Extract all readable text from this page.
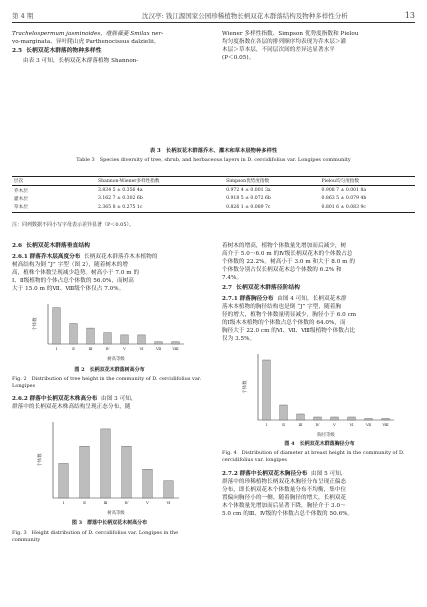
第 4 期	沈汉亭: 钱江源国家公园珍稀植物长柄双花木群落结构及物种多样性分析	13
Trachelospermum jasminoides、继脉薇菱 Smilax ner-
vo-marginata、异叶爬山虎 Parthenocissus dalzielii。
2.5 长柄双花木群落的物种多样性
由表 3 可知，长柄双花木群落植物 Shannon-
Wiener 多样性指数、Simpson 优势度指数和 Pielou
均匀度指数在各层的排列顺序均表现为乔木层＞灌
木层＞草本层，不同层次间的差异达显著水平
(P＜0.05)。
表 3　长柄双花木群落乔木、灌木和草本层物种多样性
Table 3　Species diversity of tree, shrub, and herbaceous layers in D. cercidifolius var. Longipes community
层次	Shannon-Wiener多样性指数	Simpson优势度指数	Pielou均匀度指数
乔木层	3.834 5 ± 0.356 4a	0.972 4 ± 0.001 3a	0.908 7 ± 0.001 8a
灌木层	3.162 7 ± 0.302 6b	0.918 5 ± 0.072 6b	0.863 5 ± 0.079 4b
草本层	2.365 8 ± 0.275 1c	0.826 1 ± 0.089 7c	0.801 6 ± 0.083 9c
注：同列数据不同小写字母表示差异显著（P＜0.05）。
2.6 长柄双花木群落垂直结构
2.6.1 群落乔木层高度分布 长柄双花木群落乔木本植物的
树高结构为倒 “J” 字型（图 2），随着树木的增
高，植株个体数呈现减少趋势。树高小于 7.0 m 的
Ⅰ、Ⅱ级植物的个体占总个体数的 56.0%，而树高
大于 15.0 m 的Ⅶ、Ⅷ级个体仅占 7.0%。
Ⅰ	Ⅱ	Ⅲ	Ⅳ	Ⅴ	Ⅵ	Ⅶ	Ⅷ
树高等级
个体数
图 2　长柄双花木群落树高分布
Fig. 2　Distribution of tree height in the community of D. cercidifolius var. Longipes
2.6.2 群落中长柄双花木株高分布 由图 3 可知，
群落中的长柄双花木株高结构呈现正态分布，随
Ⅰ	Ⅱ	Ⅲ	Ⅳ	Ⅴ	Ⅵ
树高等级
个体数
图 3　群落中长柄双花木树高分布
Fig. 3　Height distribution of D. cercidifolius var. Longipes in the community
着树木的增高，植物个体数量先增加而后减少，树
高介于 5.0～6.0 m 的Ⅳ级长柄双花木的个体数占总
个体数的 22.2%。树高小于 3.0 m 和大于 8.0 m 的
个体数分别占仅长柄双花木总个体数的 6.2% 和
7.4%。
2.7 长柄双花木群落径阶结构
2.7.1 群落胸径分布 由图 4 可知，长柄双花木群
落木本植物的胸径结构也是倒 “J” 字型，随着胸
径的增大，植物个体数量明显减少，胸径小于 6.0 cm
的Ⅰ级木本植物的个体数占总个体数的 64.0%，而
胸径大于 22.0 cm 的Ⅵ、Ⅶ、Ⅷ级植物个体数占比
仅为 3.5%。
Ⅰ	Ⅱ	Ⅲ	Ⅳ	Ⅴ	Ⅵ	Ⅶ	Ⅷ
胸径等级
个体数
图 4　长柄双花木群落胸径分布
Fig. 4　Distribution of diameter at breast height in the community of D. cercidifolius var. longipes
2.7.2 群落中长柄双花木胸径分布 由图 5 可知，
群落中的珍稀植物长柄双花木胸径分布呈现正偏态
分布，即长柄双花木个体数量分布不均衡，集中位
置偏向胸径小的一侧。随着胸径的增大，长柄双花
木个体数量先增加而后显著下降，胸径介于 3.0～
5.0 cm 的Ⅲ、Ⅳ级的个体数占总个体数的 50.6%。
